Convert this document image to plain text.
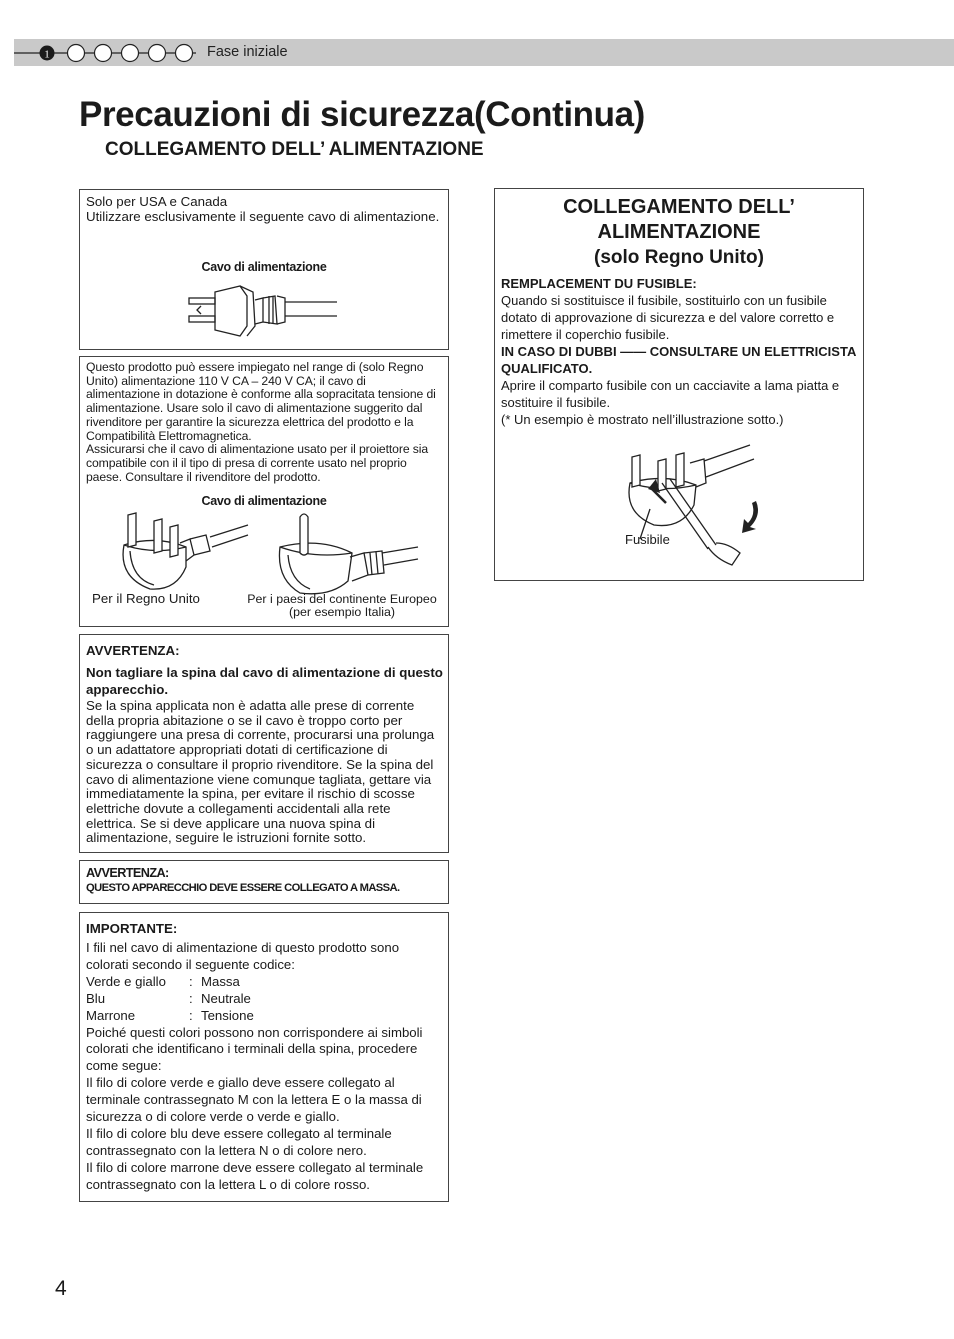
1	Fase iniziale
Precauzioni di sicurezza(Continua)
COLLEGAMENTO DELL’ ALIMENTAZIONE

Solo per USA e Canada

Utilizzare esclusivamente il seguente cavo di alimentazione.

Cavo di alimentazione

Questo prodotto può essere impiegato nel range di (solo Regno Unito) alimentazione 110 V CA – 240 V CA; il cavo di alimentazione in dotazione è conforme alla sopracitata tensione di alimentazione. Usare solo il cavo di alimentazione suggerito dal rivenditore per garantire la sicurezza elettrica del prodotto e la Compatibilità Elettromagnetica.

Assicurarsi che il cavo di alimentazione usato per il proiettore sia compatibile con il il tipo di presa di corrente usato nel proprio paese. Consultare il rivenditore del prodotto.

Cavo di alimentazione

Per il Regno Unito	Per i paesi del continente Europeo

(per esempio Italia)

AVVERTENZA:

Non tagliare la spina dal cavo di alimentazione di questo apparecchio.

Se la spina applicata non è adatta alle prese di corrente della propria abitazione o se il cavo è troppo corto per raggiungere una presa di corrente, procurarsi una prolunga o un adattatore appropriati dotati di certificazione di sicurezza o consultare il proprio rivenditore. Se la spina del cavo di alimentazione viene comunque tagliata, gettare via immediatamente la spina, per evitare il rischio di scosse elettriche dovute a collegamenti accidentali alla rete elettrica. Se si deve applicare una nuova spina di alimentazione, seguire le istruzioni fornite sotto.

AVVERTENZA:

QUESTO APPARECCHIO DEVE ESSERE COLLEGATO A MASSA.

IMPORTANTE:

I fili nel cavo di alimentazione di questo prodotto sono colorati secondo il seguente codice:

Verde e giallo	: Massa
Blu	: Neutrale
Marrone	: Tensione

Poiché questi colori possono non corrispondere ai simboli colorati che identificano i terminali della spina, procedere come segue:

Il filo di colore verde e giallo deve essere collegato al terminale contrassegnato M con la lettera E o la massa di sicurezza o di colore verde o verde e giallo.

Il filo di colore blu deve essere collegato al terminale contrassegnato con la lettera N o di colore nero.

Il filo di colore marrone deve essere collegato al terminale contrassegnato con la lettera L o di colore rosso.

COLLEGAMENTO DELL’

ALIMENTAZIONE

(solo Regno Unito)

REMPLACEMENT DU FUSIBLE:

Quando si sostituisce il fusibile, sostituirlo con un fusibile dotato di approvazione di sicurezza e del valore corretto e rimettere il coperchio fusibile.

IN CASO DI DUBBI —— CONSULTARE UN ELETTRICISTA QUALIFICATO.

Aprire il comparto fusibile con un cacciavite a lama piatta e sostituire il fusibile.

(* Un esempio è mostrato nell’illustrazione sotto.)

Fusibile

4
